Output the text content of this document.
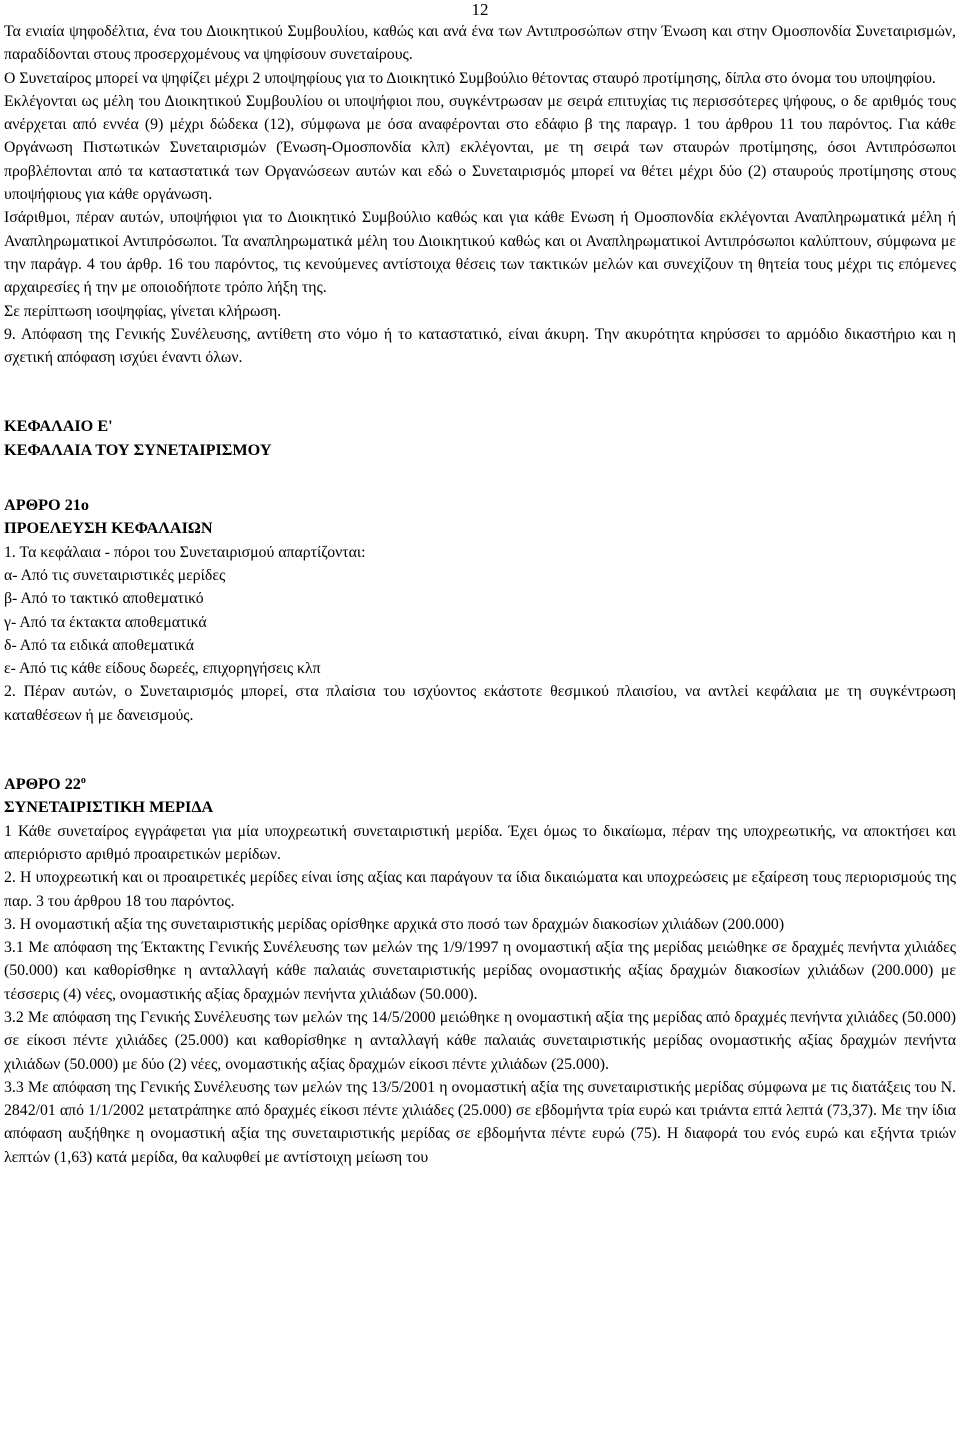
12

Τα ενιαία ψηφοδέλτια, ένα του Διοικητικού Συμβουλίου, καθώς και ανά ένα των Αντιπροσώπων στην Ένωση και στην Ομοσπονδία Συνεταιρισμών, παραδίδονται στους προσερχομένους να ψηφίσουν συνεταίρους.

Ο Συνεταίρος μπορεί να ψηφίζει μέχρι 2 υποψηφίους για το Διοικητικό Συμβούλιο θέτοντας σταυρό προτίμησης, δίπλα στο όνομα του υποψηφίου.

Εκλέγονται ως μέλη του Διοικητικού Συμβουλίου οι υποψήφιοι που, συγκέντρωσαν με σειρά επιτυχίας τις περισσότερες ψήφους, ο δε αριθμός τους ανέρχεται από εννέα (9) μέχρι δώδεκα (12), σύμφωνα με όσα αναφέρονται στο εδάφιο β της παραγρ. 1 του άρθρου 11 του παρόντος. Για κάθε Οργάνωση Πιστωτικών Συνεταιρισμών (Ένωση-Ομοσπονδία κλπ) εκλέγονται, με τη σειρά των σταυρών προτίμησης, όσοι Αντιπρόσωποι προβλέπονται από τα καταστατικά των Οργανώσεων αυτών και εδώ ο Συνεταιρισμός μπορεί να θέτει μέχρι δύο (2) σταυρούς προτίμησης στους υποψήφιους για κάθε οργάνωση.

Ισάριθμοι, πέραν αυτών, υποψήφιοι για το Διοικητικό Συμβούλιο καθώς και για κάθε Ενωση ή Ομοσπονδία εκλέγονται Αναπληρωματικά μέλη ή Αναπληρωματικοί Αντιπρόσωποι. Τα αναπληρωματικά μέλη του Διοικητικού καθώς και οι Αναπληρωματικοί Αντιπρόσωποι καλύπτουν, σύμφωνα με την παράγρ. 4 του άρθρ. 16 του παρόντος, τις κενούμενες αντίστοιχα θέσεις των τακτικών μελών και συνεχίζουν τη θητεία τους μέχρι τις επόμενες αρχαιρεσίες ή την με οποιοδήποτε τρόπο λήξη της.

Σε περίπτωση ισοψηφίας, γίνεται κλήρωση.

9. Απόφαση της Γενικής Συνέλευσης, αντίθετη στο νόμο ή το καταστατικό, είναι άκυρη. Την ακυρότητα κηρύσσει το αρμόδιο δικαστήριο και η σχετική απόφαση ισχύει έναντι όλων.

ΚΕΦΑΛΑΙΟ Ε'

ΚΕΦΑΛΑΙΑ ΤΟΥ ΣΥΝΕΤΑΙΡΙΣΜΟΥ

ΑΡΘΡΟ 21ο

ΠΡΟΕΛΕΥΣΗ ΚΕΦΑΛΑΙΩΝ

1. Τα κεφάλαια - πόροι του Συνεταιρισμού απαρτίζονται:

α- Από τις συνεταιριστικές μερίδες

β- Από το τακτικό αποθεματικό

γ- Από τα έκτακτα αποθεματικά

δ- Από τα ειδικά αποθεματικά

ε- Από τις κάθε είδους δωρεές, επιχορηγήσεις κλπ

2. Πέραν αυτών, ο Συνεταιρισμός μπορεί, στα πλαίσια του ισχύοντος εκάστοτε θεσμικού πλαισίου, να αντλεί κεφάλαια με τη συγκέντρωση καταθέσεων ή με δανεισμούς.

ΑΡΘΡΟ $22^o$

ΣΥΝΕΤΑΙΡΙΣΤΙΚΗ ΜΕΡΙΔΑ

1 Κάθε συνεταίρος εγγράφεται για μία υποχρεωτική συνεταιριστική μερίδα. Έχει όμως το δικαίωμα, πέραν της υποχρεωτικής, να αποκτήσει και απεριόριστο αριθμό προαιρετικών μερίδων.

2. Η υποχρεωτική και οι προαιρετικές μερίδες είναι ίσης αξίας και παράγουν τα ίδια δικαιώματα και υποχρεώσεις με εξαίρεση τους περιορισμούς της παρ. 3 του άρθρου 18 του παρόντος.

3. Η ονομαστική αξία της συνεταιριστικής μερίδας ορίσθηκε αρχικά στο ποσό των δραχμών διακοσίων χιλιάδων (200.000)

3.1 Με απόφαση της Έκτακτης Γενικής Συνέλευσης των μελών της 1/9/1997 η ονομαστική αξία της μερίδας μειώθηκε σε δραχμές πενήντα χιλιάδες (50.000) και καθορίσθηκε η ανταλλαγή κάθε παλαιάς συνεταιριστικής μερίδας ονομαστικής αξίας δραχμών διακοσίων χιλιάδων (200.000) με τέσσερις (4) νέες, ονομαστικής αξίας δραχμών πενήντα χιλιάδων (50.000).

3.2 Με απόφαση της Γενικής Συνέλευσης των μελών της 14/5/2000 μειώθηκε η ονομαστική αξία της μερίδας από δραχμές πενήντα χιλιάδες (50.000) σε είκοσι πέντε χιλιάδες (25.000) και καθορίσθηκε η ανταλλαγή κάθε παλαιάς συνεταιριστικής μερίδας ονομαστικής αξίας δραχμών πενήντα χιλιάδων (50.000) με δύο (2) νέες, ονομαστικής αξίας δραχμών είκοσι πέντε χιλιάδων (25.000).

3.3 Με απόφαση της Γενικής Συνέλευσης των μελών της 13/5/2001 η ονομαστική αξία της συνεταιριστικής μερίδας σύμφωνα με τις διατάξεις του Ν. 2842/01 από 1/1/2002 μετατράπηκε από δραχμές είκοσι πέντε χιλιάδες (25.000) σε εβδομήντα τρία ευρώ και τριάντα επτά λεπτά (73,37). Με την ίδια απόφαση αυξήθηκε η ονομαστική αξία της συνεταιριστικής μερίδας σε εβδομήντα πέντε ευρώ (75). Η διαφορά του ενός ευρώ και εξήντα τριών λεπτών (1,63) κατά μερίδα, θα καλυφθεί με αντίστοιχη μείωση του
